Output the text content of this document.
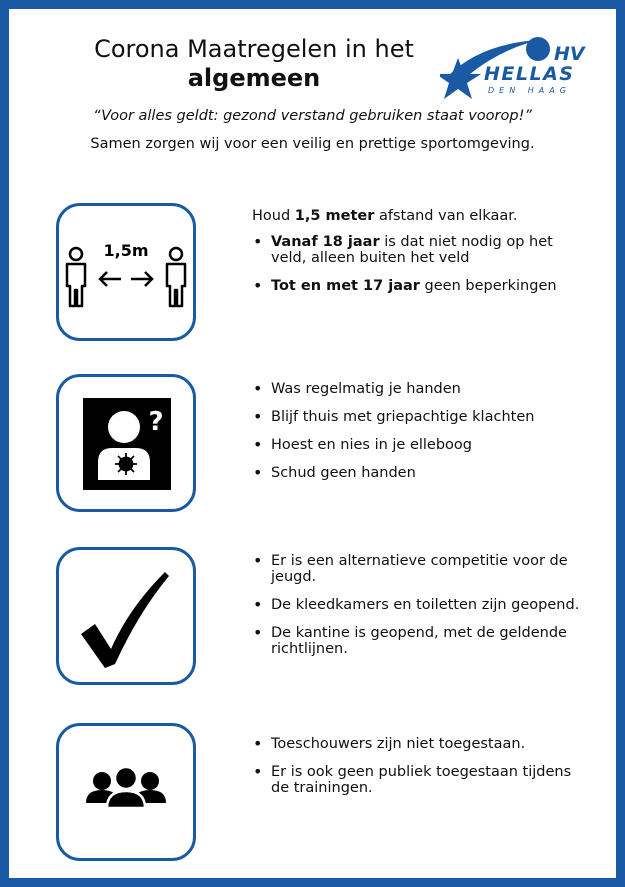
Corona Maatregelen in het
algemeen
HV
HELLAS
DEN HAAG
“Voor alles geldt: gezond verstand gebruiken staat voorop!”
Samen zorgen wij voor een veilig en prettige sportomgeving.
1,5m

Houd 1,5 meter afstand van elkaar.

• Vanaf 18 jaar is dat niet nodig op het veld, alleen buiten het veld
• Tot en met 17 jaar geen beperkingen
?
• Was regelmatig je handen
• Blijf thuis met griepachtige klachten
• Hoest en nies in je elleboog
• Schud geen handen
• Er is een alternatieve competitie voor de jeugd.
• De kleedkamers en toiletten zijn geopend.
• De kantine is geopend, met de geldende richtlijnen.
• Toeschouwers zijn niet toegestaan.
• Er is ook geen publiek toegestaan tijdens de trainingen.
